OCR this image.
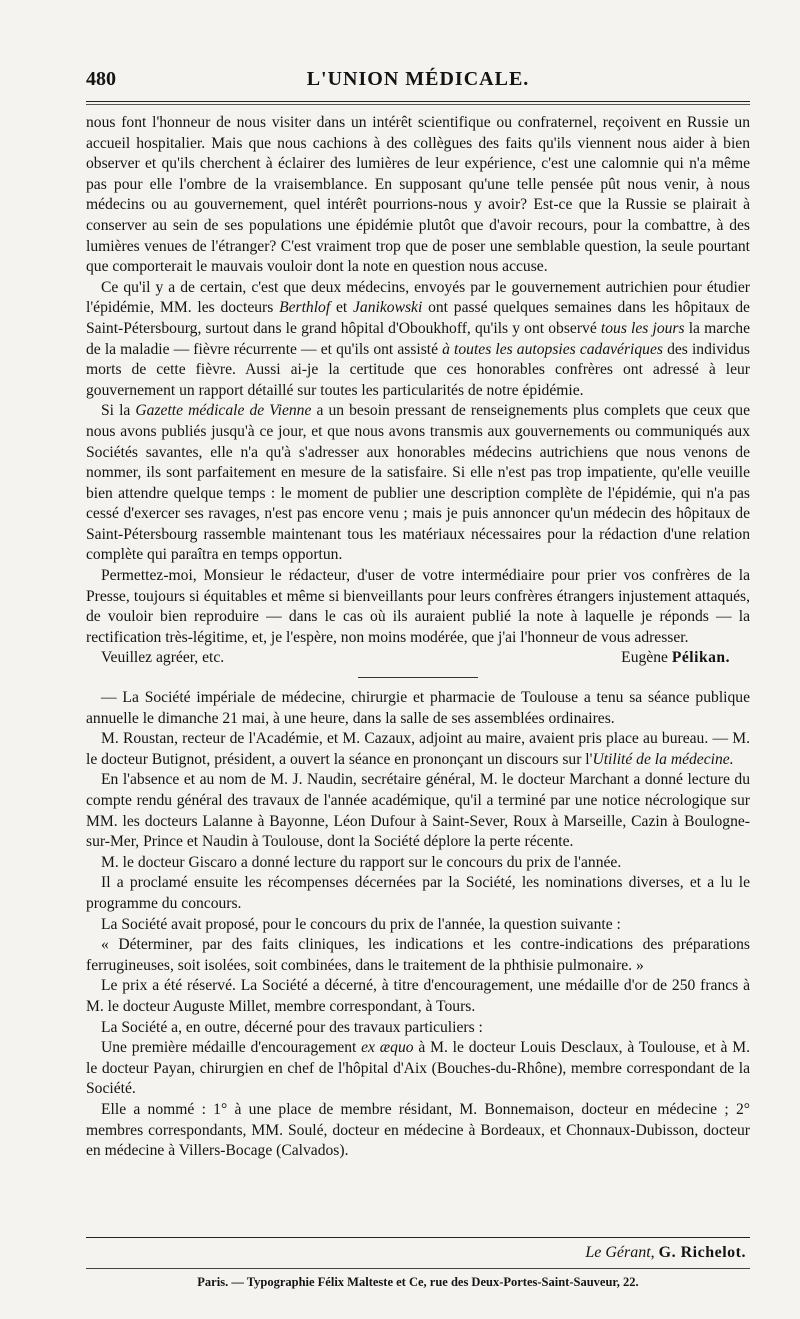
480	L'UNION MÉDICALE.

nous font l'honneur de nous visiter dans un intérêt scientifique ou confraternel, reçoivent en Russie un accueil hospitalier. Mais que nous cachions à des collègues des faits qu'ils viennent nous aider à bien observer et qu'ils cherchent à éclairer des lumières de leur expérience, c'est une calomnie qui n'a même pas pour elle l'ombre de la vraisemblance. En supposant qu'une telle pensée pût nous venir, à nous médecins ou au gouvernement, quel intérêt pourrions-nous y avoir? Est-ce que la Russie se plairait à conserver au sein de ses populations une épidémie plutôt que d'avoir recours, pour la combattre, à des lumières venues de l'étranger? C'est vraiment trop que de poser une semblable question, la seule pourtant que comporterait le mauvais vouloir dont la note en question nous accuse.

Ce qu'il y a de certain, c'est que deux médecins, envoyés par le gouvernement autrichien pour étudier l'épidémie, MM. les docteurs Berthlof et Janikowski ont passé quelques semaines dans les hôpitaux de Saint-Pétersbourg, surtout dans le grand hôpital d'Oboukhoff, qu'ils y ont observé tous les jours la marche de la maladie — fièvre récurrente — et qu'ils ont assisté à toutes les autopsies cadavériques des individus morts de cette fièvre. Aussi ai-je la certitude que ces honorables confrères ont adressé à leur gouvernement un rapport détaillé sur toutes les particularités de notre épidémie.

Si la Gazette médicale de Vienne a un besoin pressant de renseignements plus complets que ceux que nous avons publiés jusqu'à ce jour, et que nous avons transmis aux gouvernements ou communiqués aux Sociétés savantes, elle n'a qu'à s'adresser aux honorables médecins autrichiens que nous venons de nommer, ils sont parfaitement en mesure de la satisfaire. Si elle n'est pas trop impatiente, qu'elle veuille bien attendre quelque temps : le moment de publier une description complète de l'épidémie, qui n'a pas cessé d'exercer ses ravages, n'est pas encore venu ; mais je puis annoncer qu'un médecin des hôpitaux de Saint-Pétersbourg rassemble maintenant tous les matériaux nécessaires pour la rédaction d'une relation complète qui paraîtra en temps opportun.

Permettez-moi, Monsieur le rédacteur, d'user de votre intermédiaire pour prier vos confrères de la Presse, toujours si équitables et même si bienveillants pour leurs confrères étrangers injustement attaqués, de vouloir bien reproduire — dans le cas où ils auraient publié la note à laquelle je réponds — la rectification très-légitime, et, je l'espère, non moins modérée, que j'ai l'honneur de vous adresser.

Veuillez agréer, etc.	Eugène Pélikan.

— La Société impériale de médecine, chirurgie et pharmacie de Toulouse a tenu sa séance publique annuelle le dimanche 21 mai, à une heure, dans la salle de ses assemblées ordinaires.

M. Roustan, recteur de l'Académie, et M. Cazaux, adjoint au maire, avaient pris place au bureau. — M. le docteur Butignot, président, a ouvert la séance en prononçant un discours sur l'Utilité de la médecine.

En l'absence et au nom de M. J. Naudin, secrétaire général, M. le docteur Marchant a donné lecture du compte rendu général des travaux de l'année académique, qu'il a terminé par une notice nécrologique sur MM. les docteurs Lalanne à Bayonne, Léon Dufour à Saint-Sever, Roux à Marseille, Cazin à Boulogne-sur-Mer, Prince et Naudin à Toulouse, dont la Société déplore la perte récente.

M. le docteur Giscaro a donné lecture du rapport sur le concours du prix de l'année.

Il a proclamé ensuite les récompenses décernées par la Société, les nominations diverses, et a lu le programme du concours.

La Société avait proposé, pour le concours du prix de l'année, la question suivante :

« Déterminer, par des faits cliniques, les indications et les contre-indications des préparations ferrugineuses, soit isolées, soit combinées, dans le traitement de la phthisie pulmonaire. »

Le prix a été réservé. La Société a décerné, à titre d'encouragement, une médaille d'or de 250 francs à M. le docteur Auguste Millet, membre correspondant, à Tours.

La Société a, en outre, décerné pour des travaux particuliers :

Une première médaille d'encouragement ex æquo à M. le docteur Louis Desclaux, à Toulouse, et à M. le docteur Payan, chirurgien en chef de l'hôpital d'Aix (Bouches-du-Rhône), membre correspondant de la Société.

Elle a nommé : 1° à une place de membre résidant, M. Bonnemaison, docteur en médecine ; 2° membres correspondants, MM. Soulé, docteur en médecine à Bordeaux, et Chonnaux-Dubisson, docteur en médecine à Villers-Bocage (Calvados).

Le Gérant, G. Richelot.
Paris. — Typographie Félix Malteste et Ce, rue des Deux-Portes-Saint-Sauveur, 22.
